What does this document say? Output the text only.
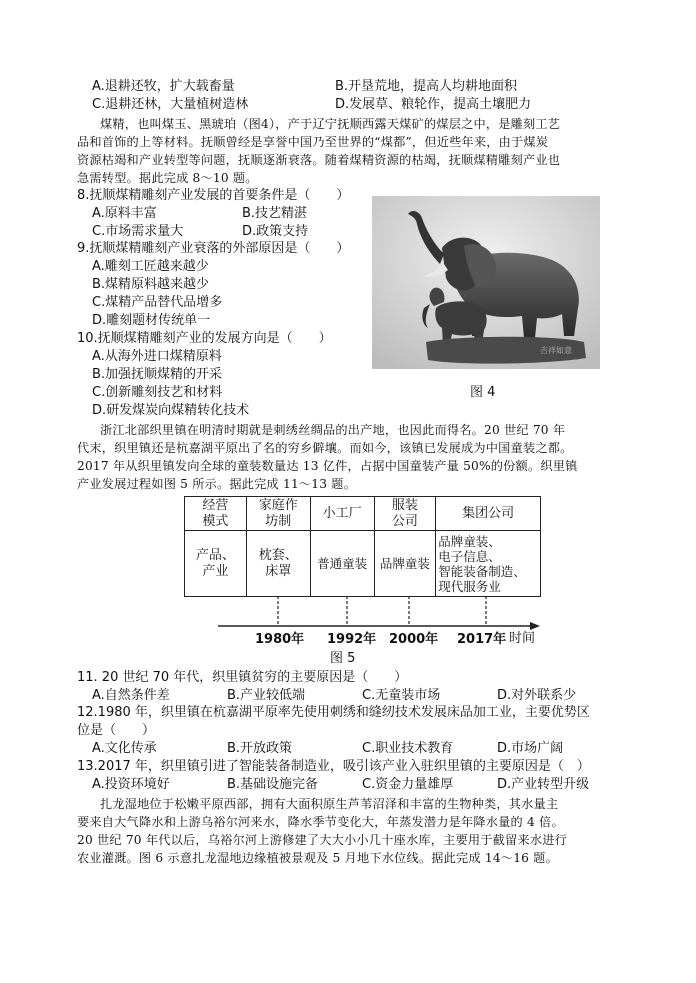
A.退耕还牧，扩大载畜量	B.开垦荒地，提高人均耕地面积
C.退耕还林，大量植树造林	D.发展草、粮轮作，提高土壤肥力
煤精，也叫煤玉、黑琥珀（图4），产于辽宁抚顺西露天煤矿的煤层之中，是雕刻工艺
品和首饰的上等材料。抚顺曾经是享誉中国乃至世界的“煤都”，但近些年来，由于煤炭
资源枯竭和产业转型等问题，抚顺逐渐衰落。随着煤精资源的枯竭，抚顺煤精雕刻产业也
急需转型。据此完成 8～10 题。
8.抚顺煤精雕刻产业发展的首要条件是（　　）
A.原料丰富	B.技艺精湛
C.市场需求量大	D.政策支持
9.抚顺煤精雕刻产业衰落的外部原因是（　　）
A.雕刻工匠越来越少
B.煤精原料越来越少
C.煤精产品替代品增多
D.雕刻题材传统单一
10.抚顺煤精雕刻产业的发展方向是（　　）
A.从海外进口煤精原料
B.加强抚顺煤精的开采
C.创新雕刻技艺和材料
D.研发煤炭向煤精转化技术
吉祥如意
图 4
浙江北部织里镇在明清时期就是刺绣丝绸品的出产地，也因此而得名。20 世纪 70 年
代末，织里镇还是杭嘉湖平原出了名的穷乡僻壤。而如今，该镇已发展成为中国童装之都。
2017 年从织里镇发向全球的童装数量达 13 亿件，占据中国童装产量 50%的份额。织里镇
产业发展过程如图 5 所示。据此完成 11～13 题。
经营
模式	家庭作
坊制	小工厂	服装
公司	集团公司
产品、
产业	枕套、
床罩	普通童装	品牌童装	品牌童装、
电子信息、
智能装备制造、
现代服务业
1980年 1992年 2000年 2017年 时间
图 5
11. 20 世纪 70 年代，织里镇贫穷的主要原因是（　　）
A.自然条件差	B.产业较低端	C.无童装市场	D.对外联系少
12.1980 年，织里镇在杭嘉湖平原率先使用刺绣和缝纫技术发展床品加工业，主要优势区
位是（　　）
A.文化传承	B.开放政策	C.职业技术教育	D.市场广阔
13.2017 年，织里镇引进了智能装备制造业，吸引该产业入驻织里镇的主要原因是（　）
A.投资环境好	B.基础设施完备	C.资金力量雄厚	D.产业转型升级
扎龙湿地位于松嫩平原西部，拥有大面积原生芦苇沼泽和丰富的生物种类，其水量主
要来自大气降水和上游乌裕尔河来水，降水季节变化大，年蒸发潜力是年降水量的 4 倍。
20 世纪 70 年代以后，乌裕尔河上游修建了大大小小几十座水库，主要用于截留来水进行
农业灌溉。图 6 示意扎龙湿地边缘植被景观及 5 月地下水位线。据此完成 14～16 题。
